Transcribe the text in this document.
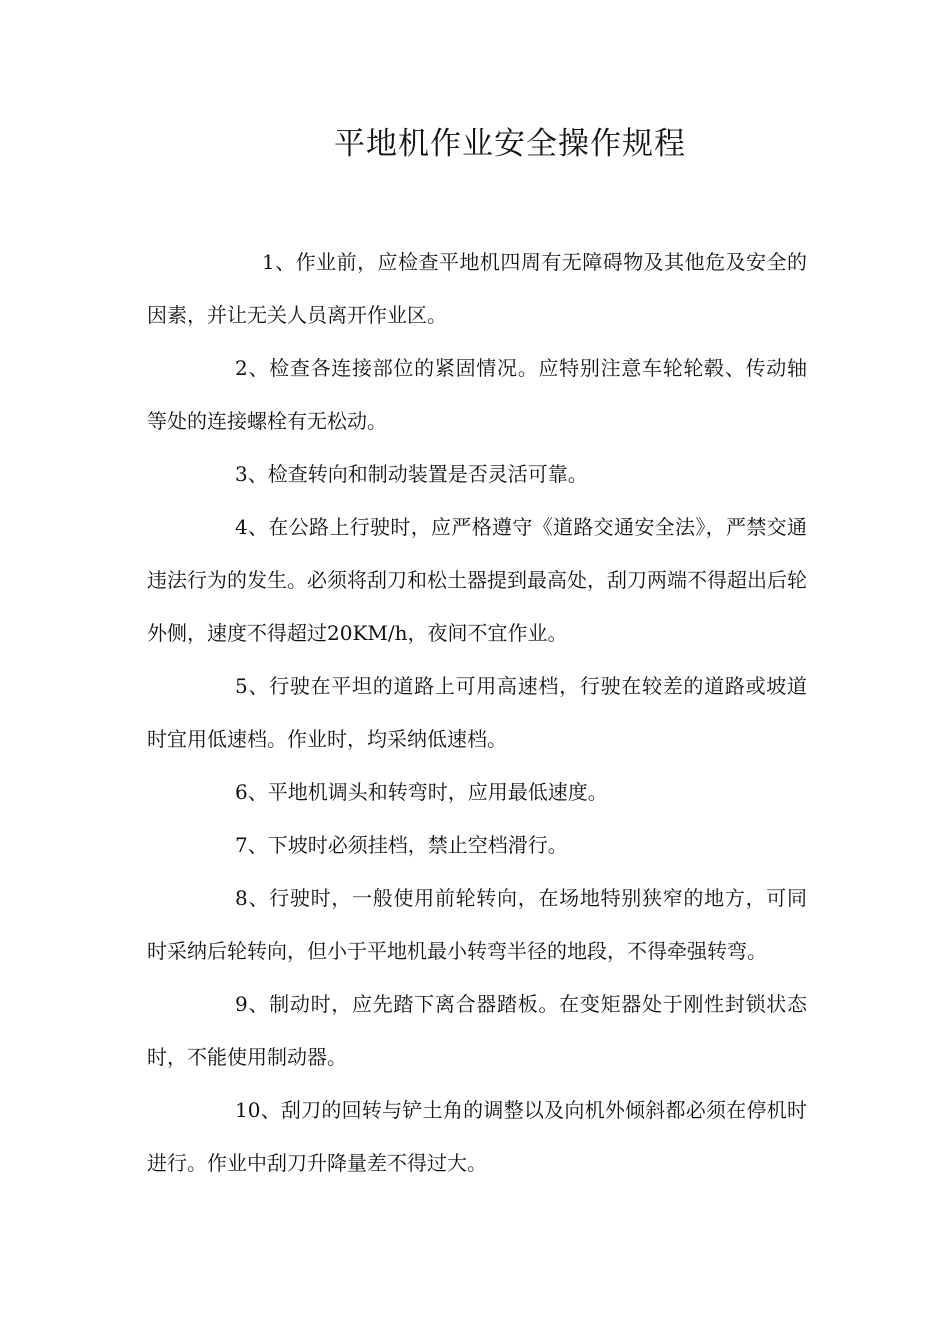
平地机作业安全操作规程

1、作业前，应检查平地机四周有无障碍物及其他危及安全的因素，并让无关人员离开作业区。

2、检查各连接部位的紧固情况。应特别注意车轮轮毂、传动轴等处的连接螺栓有无松动。

3、检查转向和制动装置是否灵活可靠。

4、在公路上行驶时，应严格遵守《道路交通安全法》，严禁交通违法行为的发生。必须将刮刀和松土器提到最高处，刮刀两端不得超出后轮外侧，速度不得超过20KM/h，夜间不宜作业。

5、行驶在平坦的道路上可用高速档，行驶在较差的道路或坡道时宜用低速档。作业时，均采纳低速档。

6、平地机调头和转弯时，应用最低速度。

7、下坡时必须挂档，禁止空档滑行。

8、行驶时，一般使用前轮转向，在场地特别狭窄的地方，可同时采纳后轮转向，但小于平地机最小转弯半径的地段，不得牵强转弯。

9、制动时，应先踏下离合器踏板。在变矩器处于刚性封锁状态时，不能使用制动器。

10、刮刀的回转与铲土角的调整以及向机外倾斜都必须在停机时进行。作业中刮刀升降量差不得过大。
